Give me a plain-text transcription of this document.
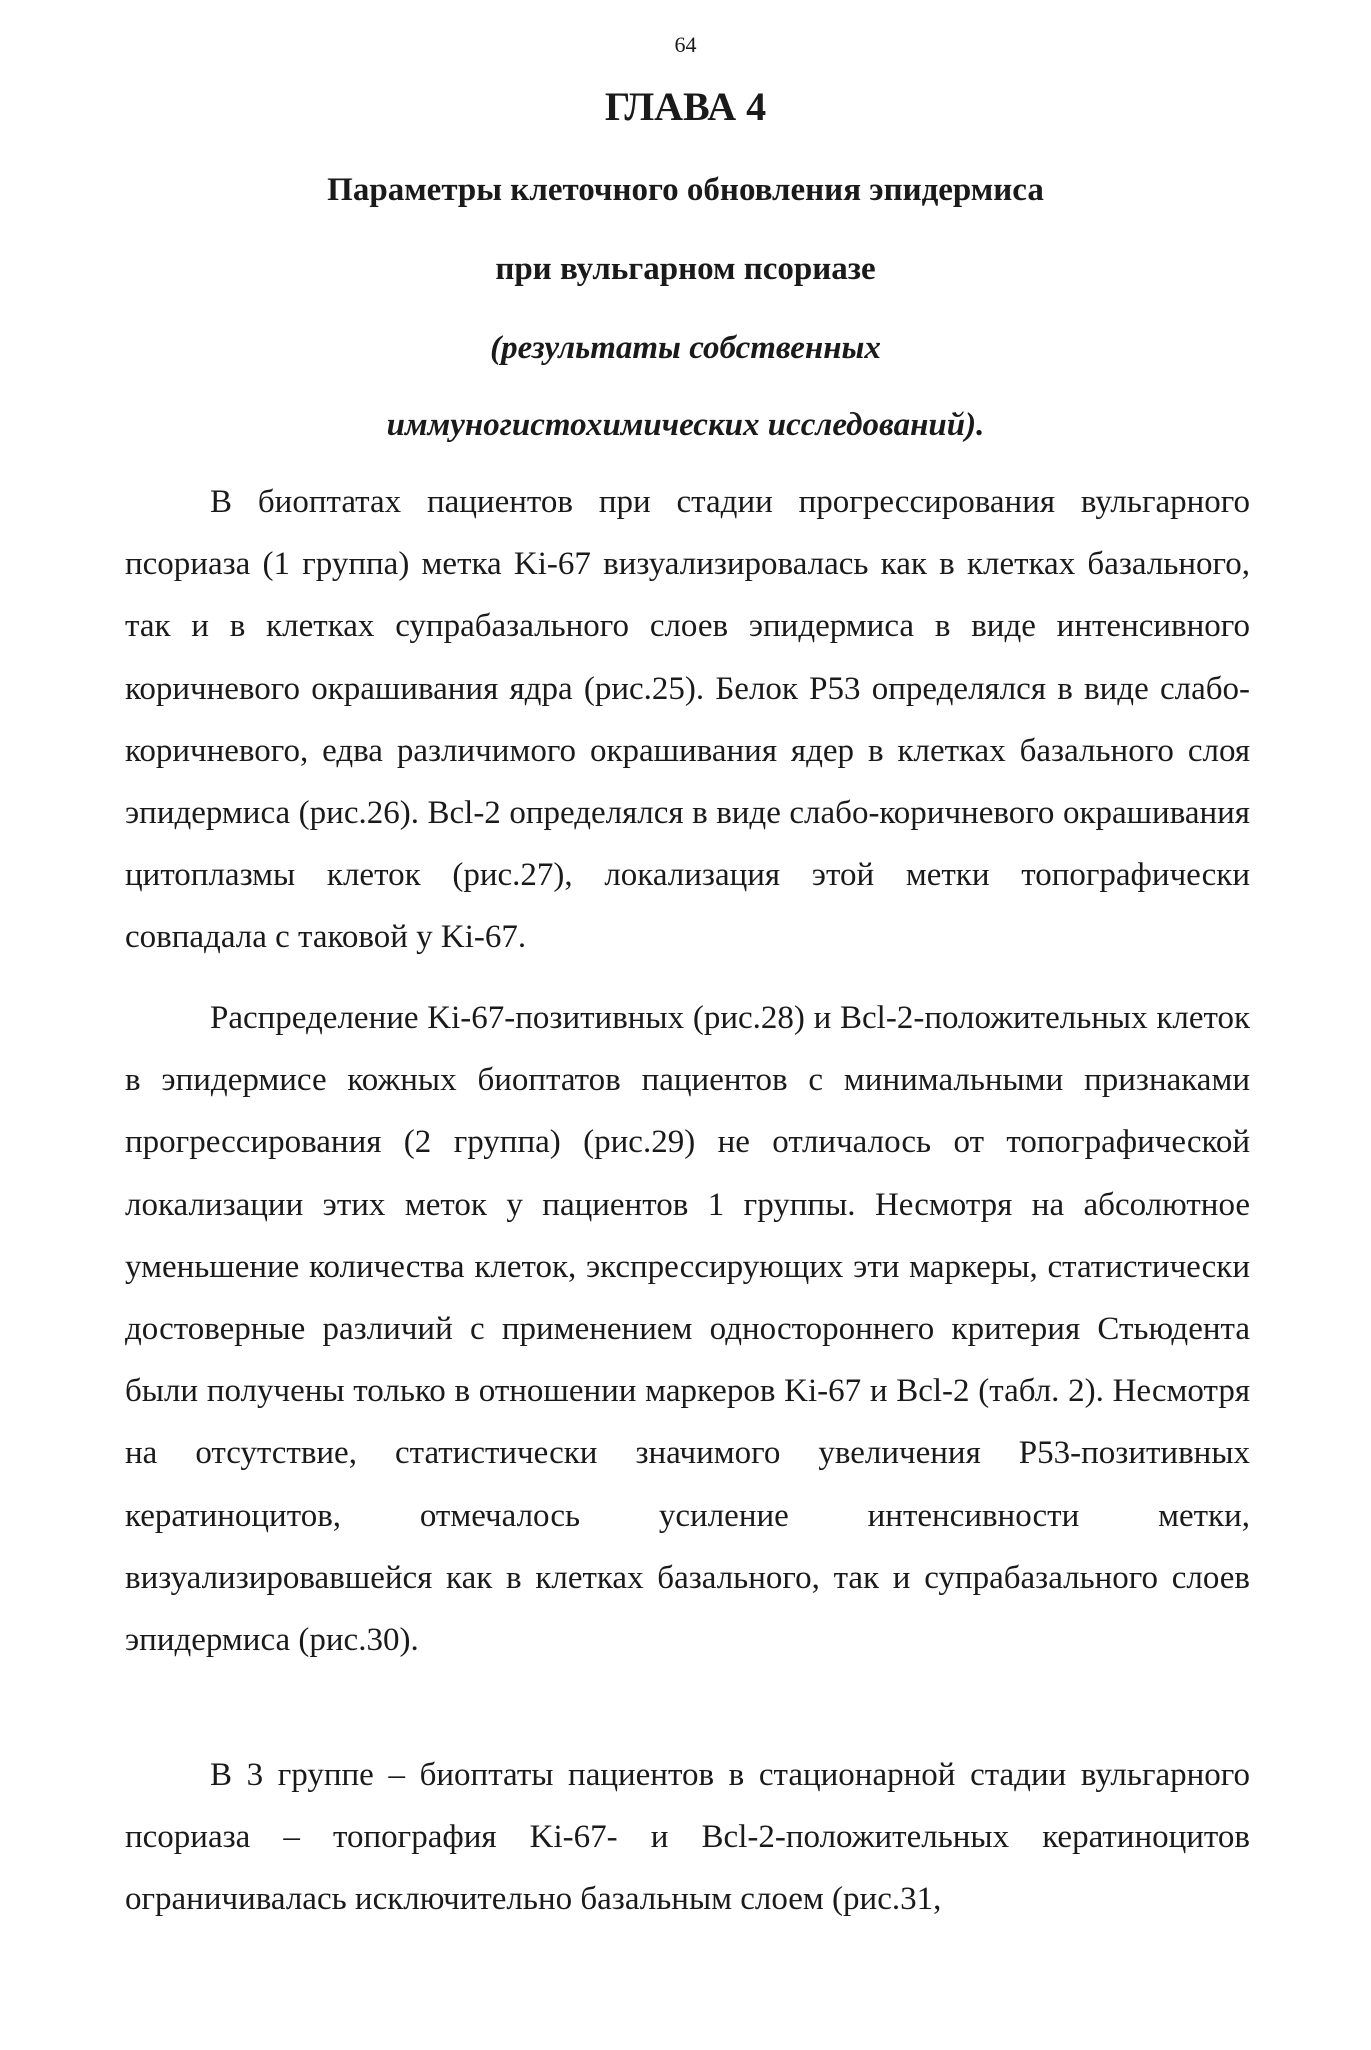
64
ГЛАВА 4
Параметры клеточного обновления эпидермиса
при вульгарном псориазе
(результаты собственных
иммуногистохимических исследований).

В биоптатах пациентов при стадии прогрессирования вульгарного псориаза (1 группа) метка Ki-67 визуализировалась как в клетках базального, так и в клетках супрабазального слоев эпидермиса в виде интенсивного коричневого окрашивания ядра (рис.25). Белок Р53 определялся в виде слабо-коричневого, едва различимого окрашивания ядер в клетках базального слоя эпидермиса (рис.26). Bcl-2 определялся в виде слабо-коричневого окрашивания цитоплазмы клеток (рис.27), локализация этой метки топографически совпадала с таковой у Ki-67.

Распределение Ki-67-позитивных (рис.28) и Bcl-2-положительных клеток в эпидермисе кожных биоптатов пациентов с минимальными признаками прогрессирования (2 группа) (рис.29) не отличалось от топографической локализации этих меток у пациентов 1 группы. Несмотря на абсолютное уменьшение количества клеток, экспрессирующих эти маркеры, статистически достоверные различий с применением одностороннего критерия Стьюдента были получены только в отношении маркеров Ki-67 и Bcl-2 (табл. 2). Несмотря на отсутствие, статистически значимого увеличения Р53-позитивных кератиноцитов, отмечалось усиление интенсивности метки, визуализировавшейся как в клетках базального, так и супрабазального слоев эпидермиса (рис.30).

В 3 группе – биоптаты пациентов в стационарной стадии вульгарного псориаза – топография Ki-67- и Bcl-2-положительных кератиноцитов ограничивалась исключительно базальным слоем (рис.31,
